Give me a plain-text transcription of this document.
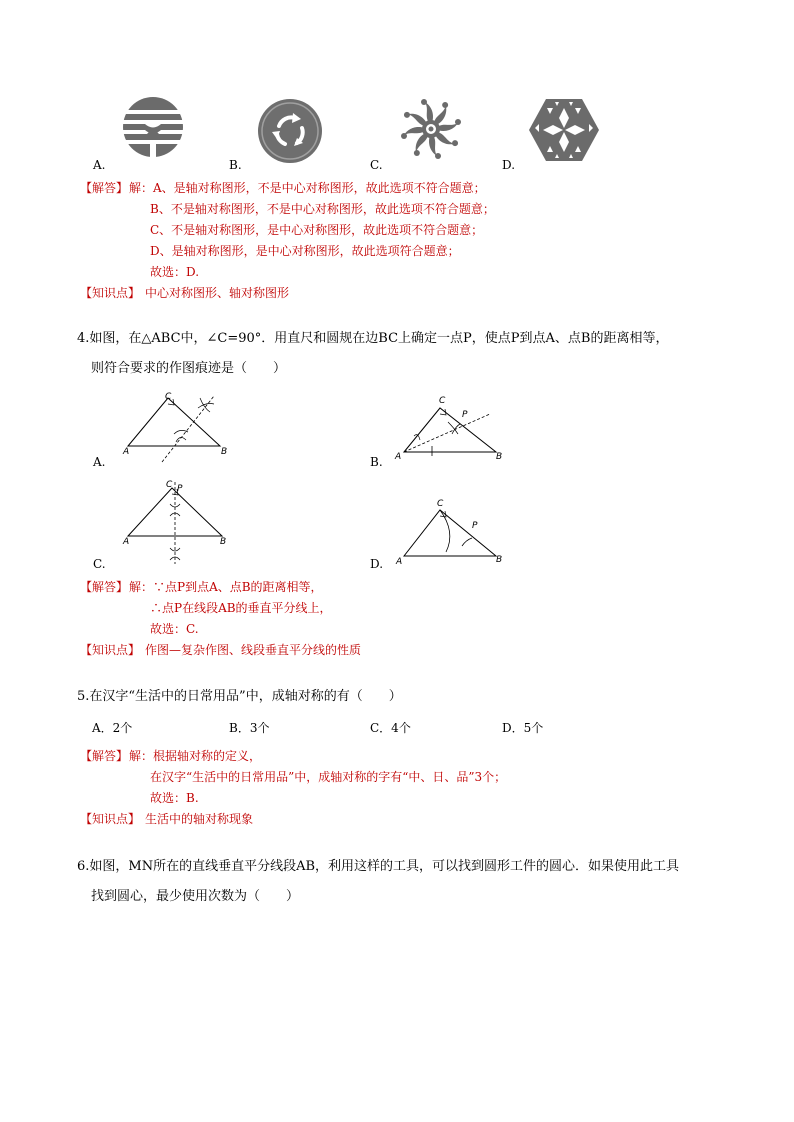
A.	B.	C.	D.
【解答】 解：A、是轴对称图形，不是中心对称图形，故此选项不符合题意；
B、不是轴对称图形，不是中心对称图形，故此选项不符合题意；
C、不是轴对称图形，是中心对称图形，故此选项不符合题意；
D、是轴对称图形，是中心对称图形，故此选项符合题意；
故选：D.
【知识点】 中心对称图形、轴对称图形
4.如图，在△ABC中，∠C=90°．用直尺和圆规在边BC上确定一点P，使点P到点A、点B的距离相等，
则符合要求的作图痕迹是（　　）
A
C
B
A.	A
C
P
B
B.
A
C P
B
C.	A
C
P
B
D.
【解答】 解：∵点P到点A、点B的距离相等，
∴点P在线段AB的垂直平分线上，
故选：C.
【知识点】 作图—复杂作图、线段垂直平分线的性质
5.在汉字“生活中的日常用品”中，成轴对称的有（　　）
A．2个	B．3个	C．4个	D．5个
【解答】 解：根据轴对称的定义，
在汉字“生活中的日常用品”中，成轴对称的字有“中、日、品”3个；
故选：B.
【知识点】 生活中的轴对称现象
6.如图，MN所在的直线垂直平分线段AB，利用这样的工具，可以找到圆形工件的圆心．如果使用此工具
找到圆心，最少使用次数为（　　）
